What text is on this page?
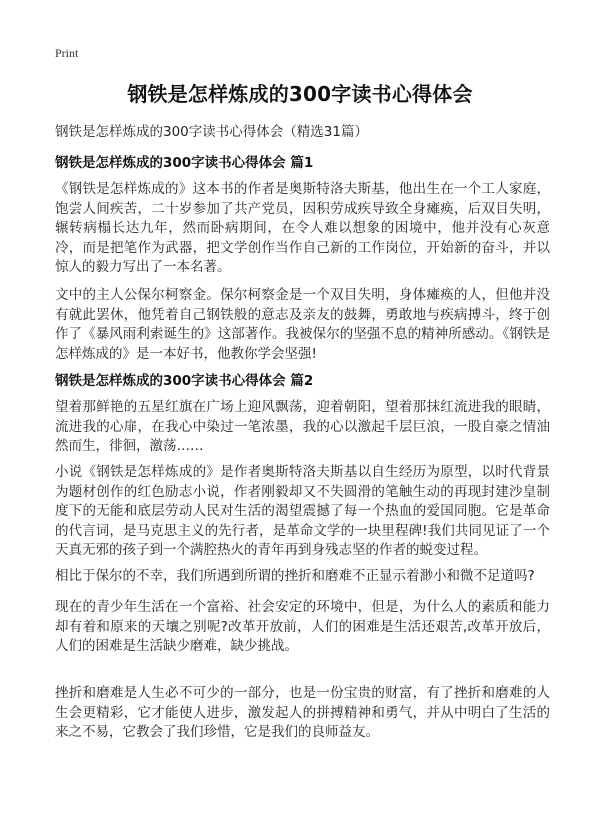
Print
钢铁是怎样炼成的300字读书心得体会

钢铁是怎样炼成的300字读书心得体会（精选31篇）

钢铁是怎样炼成的300字读书心得体会 篇1

《钢铁是怎样炼成的》这本书的作者是奥斯特洛夫斯基，他出生在一个工人家庭，饱尝人间疾苦，二十岁参加了共产党员，因积劳成疾导致全身瘫痪，后双目失明，辗转病榻长达九年，然而卧病期间，在令人难以想象的困境中，他并没有心灰意冷，而是把笔作为武器，把文学创作当作自己新的工作岗位，开始新的奋斗，并以惊人的毅力写出了一本名著。

文中的主人公保尔柯察金。保尔柯察金是一个双目失明，身体瘫痪的人，但他并没有就此罢休，他凭着自己钢铁般的意志及亲友的鼓舞，勇敢地与疾病搏斗，终于创作了《暴风雨利索诞生的》这部著作。我被保尔的坚强不息的精神所感动。《钢铁是怎样炼成的》是一本好书，他教你学会坚强!

钢铁是怎样炼成的300字读书心得体会 篇2

望着那鲜艳的五星红旗在广场上迎风飘荡，迎着朝阳，望着那抹红流进我的眼睛，流进我的心扉，在我心中染过一笔浓墨，我的心以激起千层巨浪，一股自豪之情油然而生，徘徊，激荡……

小说《钢铁是怎样炼成的》是作者奥斯特洛夫斯基以自生经历为原型，以时代背景为题材创作的红色励志小说，作者刚毅却又不失圆滑的笔触生动的再现封建沙皇制度下的无能和底层劳动人民对生活的渴望震撼了每一个热血的爱国同胞。它是革命的代言词，是马克思主义的先行者，是革命文学的一块里程碑!我们共同见证了一个天真无邪的孩子到一个满腔热火的青年再到身残志坚的作者的蜕变过程。

相比于保尔的不幸，我们所遇到所谓的挫折和磨难不正显示着渺小和微不足道吗?

现在的青少年生活在一个富裕、社会安定的环境中，但是，为什么人的素质和能力却有着和原来的天壤之别呢?改革开放前，人们的困难是生活还艰苦,改革开放后，人们的困难是生活缺少磨难，缺少挑战。

挫折和磨难是人生必不可少的一部分，也是一份宝贵的财富，有了挫折和磨难的人生会更精彩，它才能使人进步，激发起人的拼搏精神和勇气，并从中明白了生活的来之不易，它教会了我们珍惜，它是我们的良师益友。
